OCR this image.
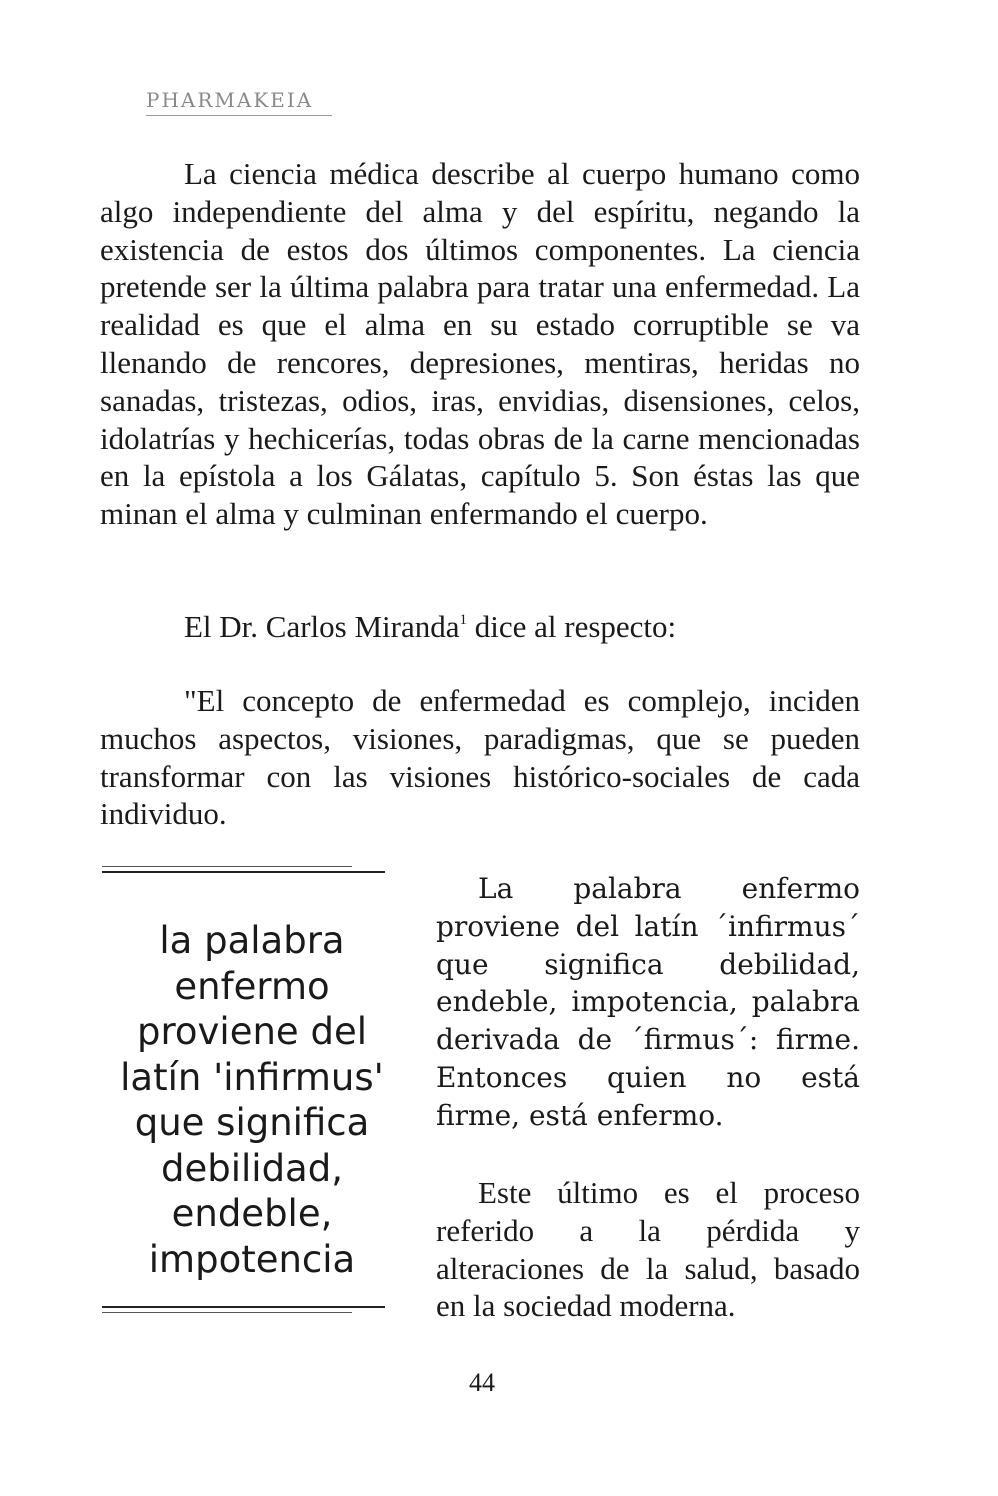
PHARMAKEIA

La ciencia médica describe al cuerpo humano como algo independiente del alma y del espíritu, negando la existencia de estos dos últimos componentes. La ciencia pretende ser la última palabra para tratar una enfermedad. La realidad es que el alma en su estado corruptible se va llenando de rencores, depresiones, mentiras, heridas no sanadas, tristezas, odios, iras, envidias, disensiones, celos, idolatrías y hechicerías, todas obras de la carne mencionadas en la epístola a los Gálatas, capítulo 5. Son éstas las que minan el alma y culminan enfermando el cuerpo.

El Dr. Carlos Miranda$^1$ dice al respecto:

"El concepto de enfermedad es complejo, inciden muchos aspectos, visiones, paradigmas, que se pueden transformar con las visiones histórico-sociales de cada individuo.

la palabra
enfermo
proviene del
latín 'infirmus'
que significa
debilidad,
endeble,
impotencia

La palabra enfermo proviene del latín ´infirmus´ que significa debilidad, endeble, impotencia, palabra derivada de ´firmus´: firme. Entonces quien no está firme, está enfermo.

Este último es el proceso referido a la pérdida y alteraciones de la salud, basado en la sociedad moderna.

44
